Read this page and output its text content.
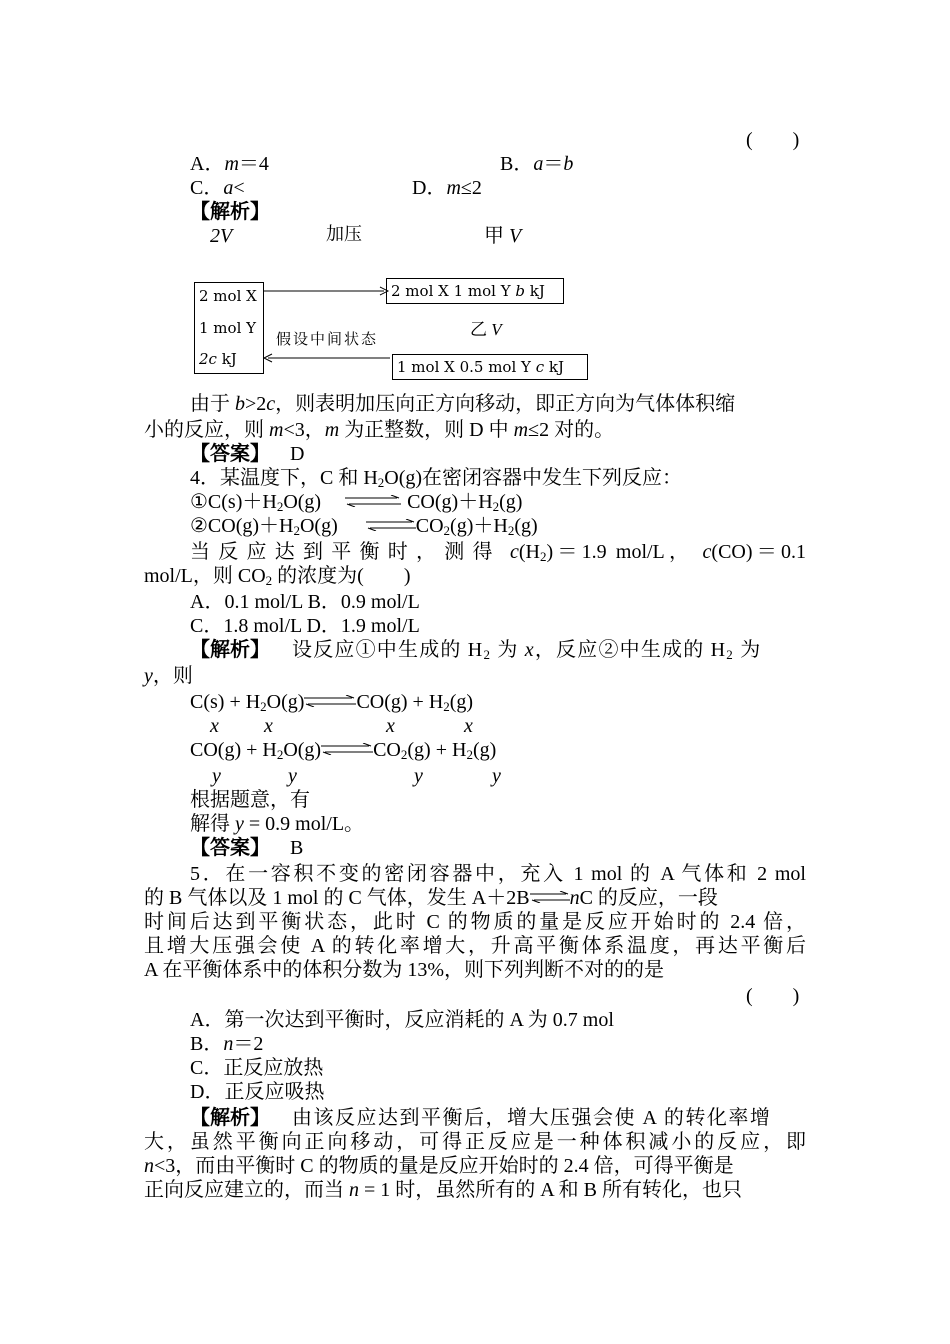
(　　)
A．m＝4	B．a＝b
C．a<	D．m≤2
【解析】
2V	加压	甲 V
2 mol X
1 mol Y
2c kJ
2 mol X 1 mol Y b kJ
乙 V
假设中间状态
1 mol X 0.5 mol Y c kJ
由于 b>2c，则表明加压向正方向移动，即正方向为气体体积缩
小的反应，则 m<3，m 为正整数，则 D 中 m≤2 对的。
【答案】 D
4．某温度下，C 和 $H_2O(g)$在密闭容器中发生下列反应：
$①C(s)+H_2O(g)$ ⇌ $CO(g)+H_2(g)$
$②CO(g)+H_2O(g)$ $\rightleftharpoons CO_2(g)+H_2(g)$
当反应达到平衡时，测得 $c(H_2)=1.9$ mol/L， c(CO)＝0.1
mol/L，则 $CO_2$ 的浓度为(　　)
A．0.1 mol/L B．0.9 mol/L
C．1.8 mol/L D．1.9 mol/L
【解析】 设反应①中生成的 $H_2$ 为 x，反应②中生成的 $H_2$ 为
y，则
$C(s) + H_2O(g)\rightleftharpoons CO(g) + H_2(g)$
x x	x	x
$CO(g) + H_2O(g)\rightleftharpoons CO_2(g) + H_2(g)$
y	y	y	y
根据题意，有
解得 y = 0.9 mol/L。
【答案】 B
5．在一容积不变的密闭容器中，充入 1 mol 的 A 气体和 2 mol
的 B 气体以及 1 mol 的 C 气体，发生 A＋2B⇌nC 的反应，一段
时间后达到平衡状态，此时 C 的物质的量是反应开始时的 2.4 倍，
且增大压强会使 A 的转化率增大，升高平衡体系温度，再达平衡后
A 在平衡体系中的体积分数为 13%，则下列判断不对的的是
(　　)
A．第一次达到平衡时，反应消耗的 A 为 0.7 mol
B．n＝2
C．正反应放热
D．正反应吸热
【解析】 由该反应达到平衡后，增大压强会使 A 的转化率增
大，虽然平衡向正向移动，可得正反应是一种体积减小的反应，即
n<3，而由平衡时 C 的物质的量是反应开始时的 2.4 倍，可得平衡是
正向反应建立的，而当 n = 1 时，虽然所有的 A 和 B 所有转化，也只
